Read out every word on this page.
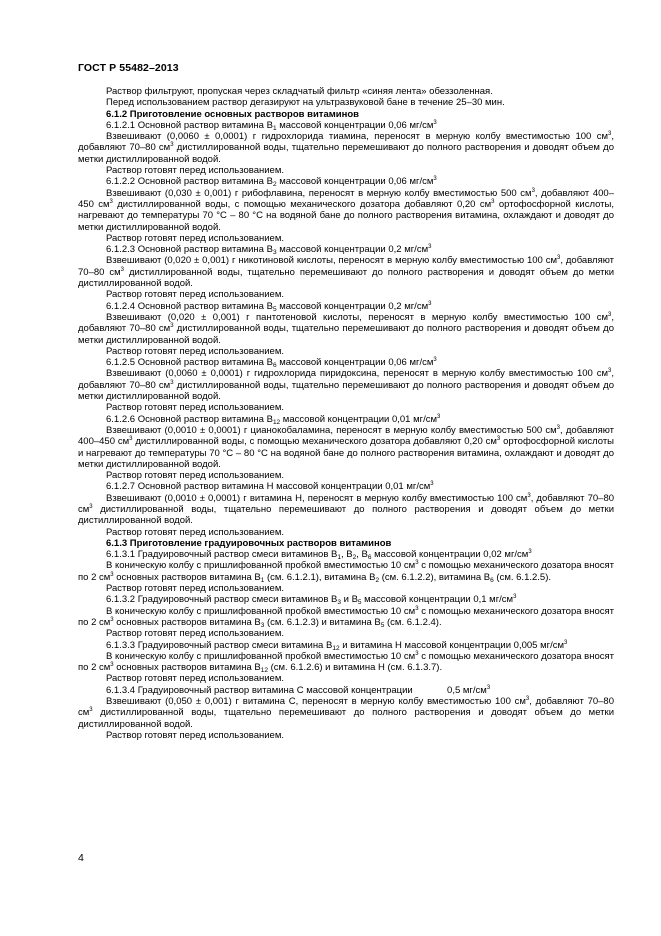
ГОСТ Р 55482–2013

Раствор фильтруют, пропуская через складчатый фильтр «синяя лента» обеззоленная.

Перед использованием раствор дегазируют на ультразвуковой бане в течение 25–30 мин.

6.1.2 Приготовление основных растворов витаминов

6.1.2.1 Основной раствор витамина $B_1$ массовой концентрации 0,06 $мг/см^3$

Взвешивают (0,0060 ± 0,0001) г гидрохлорида тиамина, переносят в мерную колбу вместимостью 100 $см^3$, добавляют 70–80 $см^3$ дистиллированной воды, тщательно перемешивают до полного растворения и доводят объем до метки дистиллированной водой.

Раствор готовят перед использованием.

6.1.2.2 Основной раствор витамина $B_2$ массовой концентрации 0,06 $мг/см^3$

Взвешивают (0,030 ± 0,001) г рибофлавина, переносят в мерную колбу вместимостью 500 $см^3$, добавляют 400–450 $см^3$ дистиллированной воды, с помощью механического дозатора добавляют 0,20 $см^3$ ортофосфорной кислоты, нагревают до температуры 70 °С – 80 °С на водяной бане до полного растворения витамина, охлаждают и доводят до метки дистиллированной водой.

Раствор готовят перед использованием.

6.1.2.3 Основной раствор витамина $B_3$ массовой концентрации 0,2 $мг/см^3$

Взвешивают (0,020 ± 0,001) г никотиновой кислоты, переносят в мерную колбу вместимостью 100 $см^3$, добавляют 70–80 $см^3$ дистиллированной воды, тщательно перемешивают до полного растворения и доводят объем до метки дистиллированной водой.

Раствор готовят перед использованием.

6.1.2.4 Основной раствор витамина $B_5$ массовой концентрации 0,2 $мг/см^3$

Взвешивают (0,020 ± 0,001) г пантотеновой кислоты, переносят в мерную колбу вместимостью 100 $см^3$, добавляют 70–80 $см^3$ дистиллированной воды, тщательно перемешивают до полного растворения и доводят объем до метки дистиллированной водой.

Раствор готовят перед использованием.

6.1.2.5 Основной раствор витамина $B_6$ массовой концентрации 0,06 $мг/см^3$

Взвешивают (0,0060 ± 0,0001) г гидрохлорида пиридоксина, переносят в мерную колбу вместимостью 100 $см^3$, добавляют 70–80 $см^3$ дистиллированной воды, тщательно перемешивают до полного растворения и доводят объем до метки дистиллированной водой.

Раствор готовят перед использованием.

6.1.2.6 Основной раствор витамина $B_{12}$ массовой концентрации 0,01 $мг/см^3$

Взвешивают (0,0010 ± 0,0001) г цианокобаламина, переносят в мерную колбу вместимостью 500 $см^3$, добавляют 400–450 $см^3$ дистиллированной воды, с помощью механического дозатора добавляют 0,20 $см^3$ ортофосфорной кислоты и нагревают до температуры 70 °С – 80 °С на водяной бане до полного растворения витамина, охлаждают и доводят до метки дистиллированной водой.

Раствор готовят перед использованием.

6.1.2.7 Основной раствор витамина H массовой концентрации 0,01 $мг/см^3$

Взвешивают (0,0010 ± 0,0001) г витамина H, переносят в мерную колбу вместимостью 100 $см^3$, добавляют 70–80 $см^3$ дистиллированной воды, тщательно перемешивают до полного растворения и доводят объем до метки дистиллированной водой.

Раствор готовят перед использованием.

6.1.3 Приготовление градуировочных растворов витаминов

6.1.3.1 Градуировочный раствор смеси витаминов $B_1$, $B_2$, $B_6$ массовой концентрации 0,02 $мг/см^3$

В коническую колбу с пришлифованной пробкой вместимостью 10 $см^3$ с помощью механического дозатора вносят по 2 $см^3$ основных растворов витамина $B_1$ (см. 6.1.2.1), витамина $B_2$ (см. 6.1.2.2), витамина $B_6$ (см. 6.1.2.5).

Раствор готовят перед использованием.

6.1.3.2 Градуировочный раствор смеси витаминов $B_3$ и $B_5$ массовой концентрации 0,1 $мг/см^3$

В коническую колбу с пришлифованной пробкой вместимостью 10 $см^3$ с помощью механического дозатора вносят по 2 $см^3$ основных растворов витамина $B_3$ (см. 6.1.2.3) и витамина $B_5$ (см. 6.1.2.4).

Раствор готовят перед использованием.

6.1.3.3 Градуировочный раствор смеси витамина $B_{12}$ и витамина H массовой концентрации 0,005 $мг/см^3$

В коническую колбу с пришлифованной пробкой вместимостью 10 $см^3$ с помощью механического дозатора вносят по 2 $см^3$ основных растворов витамина $B_{12}$ (см. 6.1.2.6) и витамина H (см. 6.1.3.7).

Раствор готовят перед использованием.

6.1.3.4 Градуировочный раствор витамина C массовой концентрации             0,5 $мг/см^3$

Взвешивают (0,050 ± 0,001) г витамина C, переносят в мерную колбу вместимостью 100 $см^3$, добавляют 70–80 $см^3$ дистиллированной воды, тщательно перемешивают до полного растворения и доводят объем до метки дистиллированной водой.

Раствор готовят перед использованием.

4
